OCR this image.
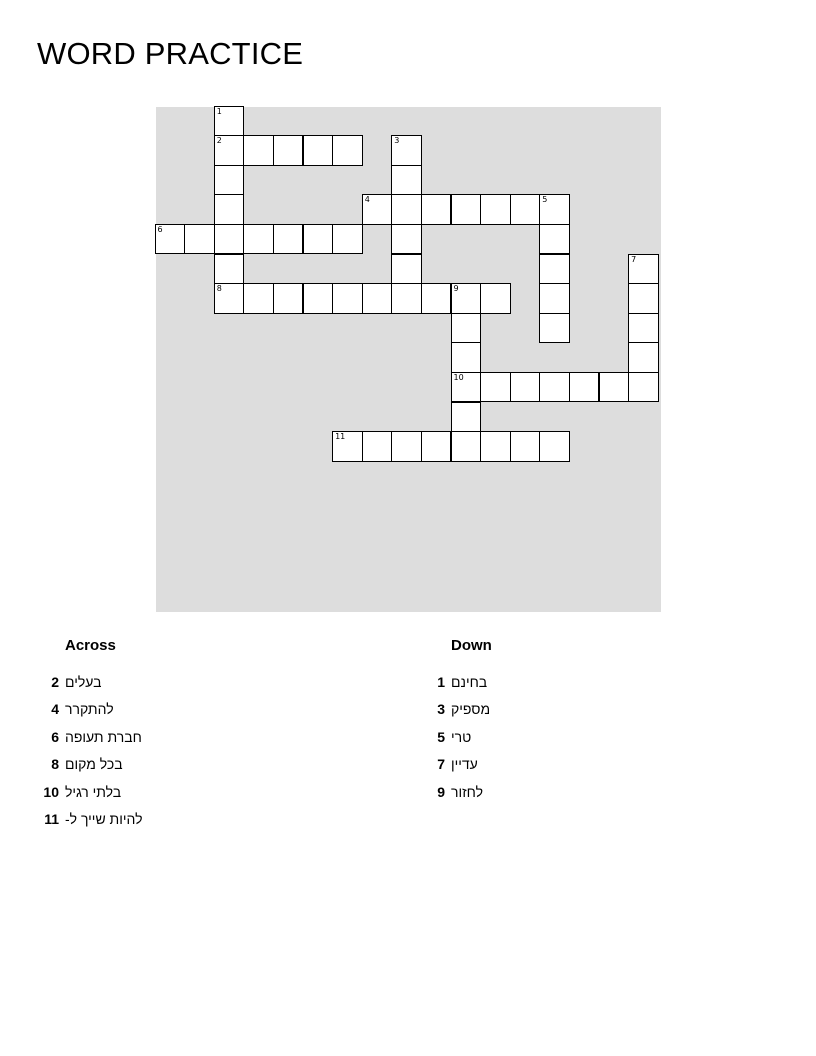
WORD PRACTICE
2
4	5
6
8	9
10
11
1
3
7
Across
2 בעלים
4 להתקרר
6 חברת תעופה
8 בכל מקום
10 בלתי רגיל
11 להיות שייך ל-
Down
1 בחינם
3 מספיק
5 טרי
7 עדיין
9 לחזור
